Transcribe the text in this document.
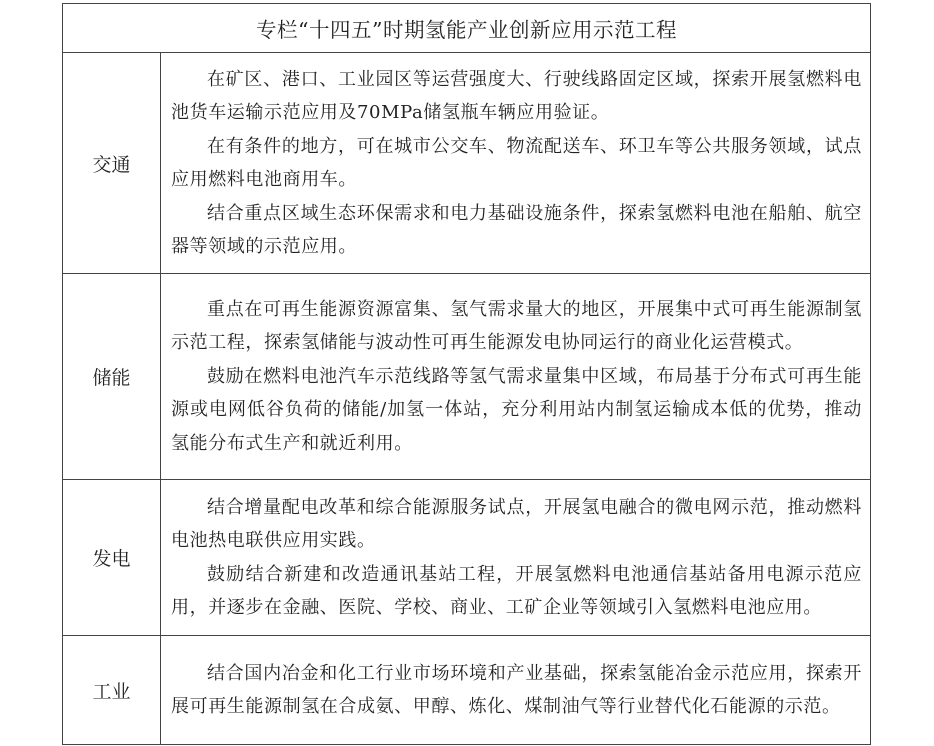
专栏“十四五”时期氢能产业创新应用示范工程	
交通	在矿区、港口、工业园区等运营强度大、行驶线路固定区域，探索开展氢燃料电池货车运输示范应用及70MPa储氢瓶车辆应用验证。

在有条件的地方，可在城市公交车、物流配送车、环卫车等公共服务领域，试点应用燃料电池商用车。

结合重点区域生态环保需求和电力基础设施条件，探索氢燃料电池在船舶、航空器等领域的示范应用。

储能	重点在可再生能源资源富集、氢气需求量大的地区，开展集中式可再生能源制氢示范工程，探索氢储能与波动性可再生能源发电协同运行的商业化运营模式。

鼓励在燃料电池汽车示范线路等氢气需求量集中区域，布局基于分布式可再生能源或电网低谷负荷的储能/加氢一体站，充分利用站内制氢运输成本低的优势，推动氢能分布式生产和就近利用。

发电	结合增量配电改革和综合能源服务试点，开展氢电融合的微电网示范，推动燃料电池热电联供应用实践。

鼓励结合新建和改造通讯基站工程，开展氢燃料电池通信基站备用电源示范应用，并逐步在金融、医院、学校、商业、工矿企业等领域引入氢燃料电池应用。

工业	结合国内冶金和化工行业市场环境和产业基础，探索氢能冶金示范应用，探索开展可再生能源制氢在合成氨、甲醇、炼化、煤制油气等行业替代化石能源的示范。
